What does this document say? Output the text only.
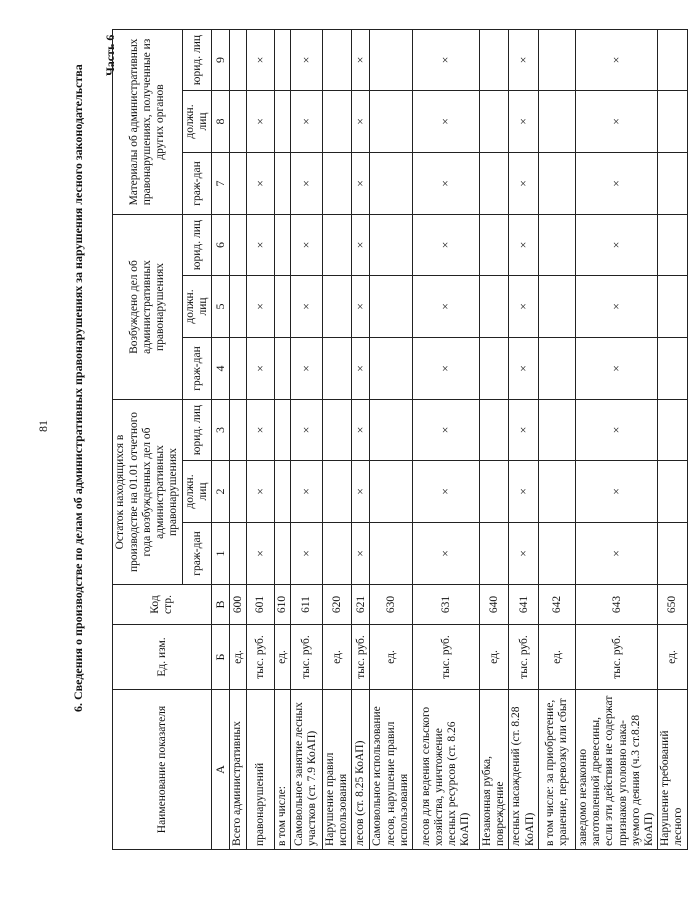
81 6. Сведения о производстве по делам об административных правонарушениях за нарушения лесного законодательства
Часть 6
Наименование показателя	Ед. изм.	Код стр.	Остаток находящихся в производстве на 01.01 отчетного года возбужденных дел об административных правонарушениях			Возбуждено дел об административных правонарушениях			Материалы об административных правонарушениях, полученные из других органов		
			граж-дан	должн. лиц	юрид. лиц	граж-дан	должн. лиц	юрид. лиц	граж-дан	должн. лиц	юрид. лиц
А	Б	В	1	2	3	4	5	6	7	8	9
Всего административных	ед.	600									
правонарушений	тыс. руб.	601	×	×	×	×	×	×	×	×	×
в том числе:	ед.	610									
Самовольное занятие лесных участков (ст. 7.9 КоАП)	тыс. руб.	611	×	×	×	×	×	×	×	×	×
Нарушение правил использования	ед.	620									
лесов (ст. 8.25 КоАП)	тыс. руб.	621	×	×	×	×	×	×	×	×	×
Самовольное использование лесов, нарушение правил использования	ед.	630									
лесов для ведения сельского хозяйства, уничтожение лесных ресурсов (ст. 8.26 КоАП)	тыс. руб.	631	×	×	×	×	×	×	×	×	×
Незаконная рубка, повреждение	ед.	640									
лесных насаждений (ст. 8.28 КоАП)	тыс. руб.	641	×	×	×	×	×	×	×	×	×
в том числе: за приобретение, хранение, перевозку или сбыт	ед.	642									
заведомо незаконно заготовленной древесины, если эти действия не содержат признаков уголовно нака-зуемого деяния (ч.3 ст.8.28 КоАП)	тыс. руб.	643	×	×	×	×	×	×	×	×	×
Нарушение требований лесного	ед.	650									
